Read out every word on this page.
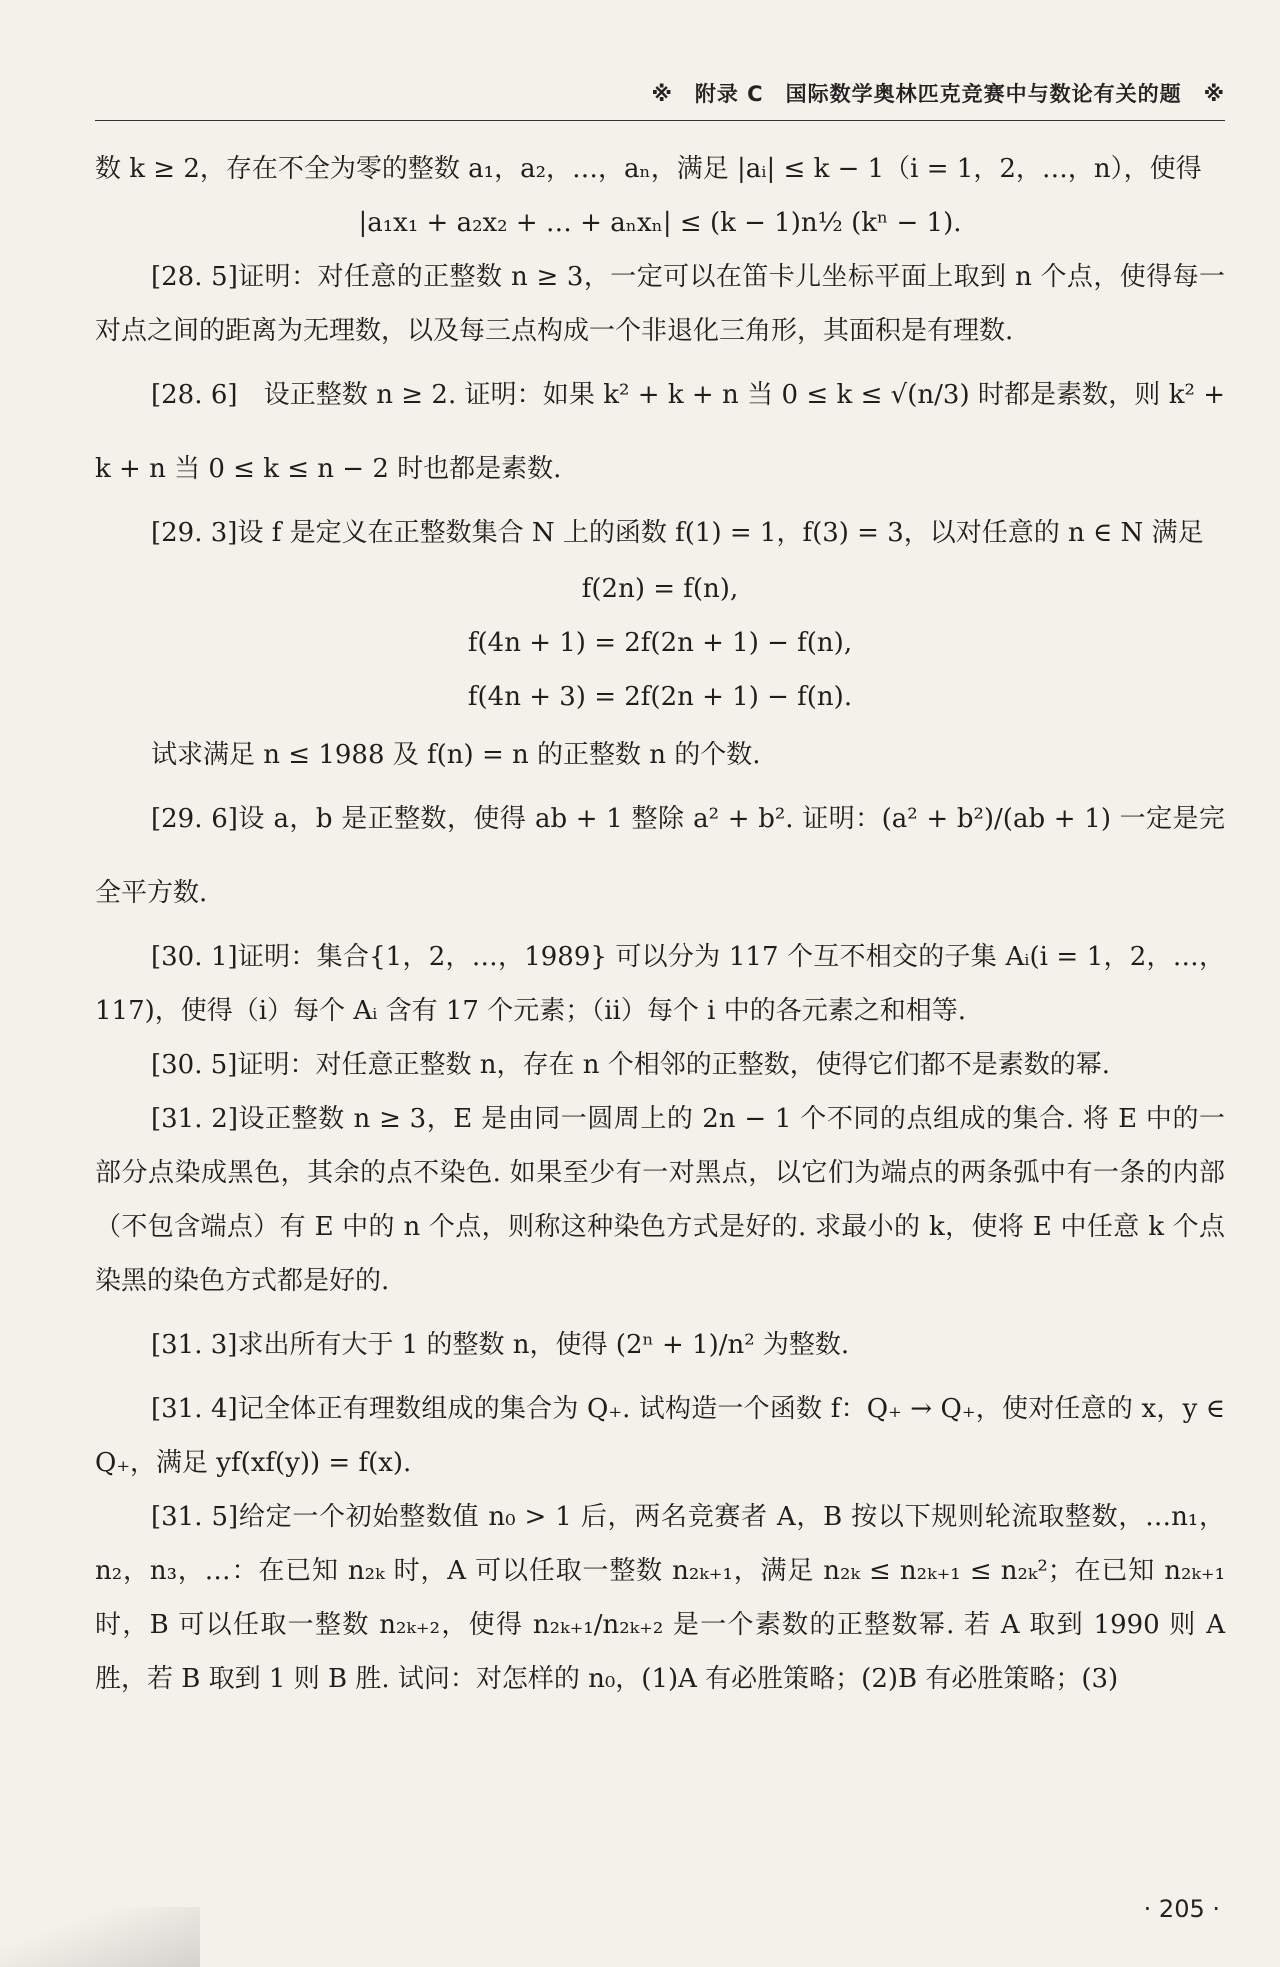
※　附录 C　国际数学奥林匹克竞赛中与数论有关的题　※

数 k ≥ 2，存在不全为零的整数 a₁，a₂，…，aₙ，满足 |aᵢ| ≤ k − 1（i = 1，2，…，n），使得

|a₁x₁ + a₂x₂ + … + aₙxₙ| ≤ (k − 1)n½ (kⁿ − 1).

[28. 5]证明：对任意的正整数 n ≥ 3，一定可以在笛卡儿坐标平面上取到 n 个点，使得每一对点之间的距离为无理数，以及每三点构成一个非退化三角形，其面积是有理数.

[28. 6]　设正整数 n ≥ 2. 证明：如果 k² + k + n 当 0 ≤ k ≤ √(n/3) 时都是素数，则 k² + k + n 当 0 ≤ k ≤ n − 2 时也都是素数.

[29. 3]设 f 是定义在正整数集合 N 上的函数 f(1) = 1，f(3) = 3，以对任意的 n ∈ N 满足

f(2n) = f(n),

f(4n + 1) = 2f(2n + 1) − f(n),

f(4n + 3) = 2f(2n + 1) − f(n).

试求满足 n ≤ 1988 及 f(n) = n 的正整数 n 的个数.

[29. 6]设 a，b 是正整数，使得 ab + 1 整除 a² + b². 证明：(a² + b²)/(ab + 1) 一定是完全平方数.

[30. 1]证明：集合{1，2，…，1989} 可以分为 117 个互不相交的子集 Aᵢ(i = 1，2，…，117)，使得（ⅰ）每个 Aᵢ 含有 17 个元素；（ⅱ）每个 i 中的各元素之和相等.

[30. 5]证明：对任意正整数 n，存在 n 个相邻的正整数，使得它们都不是素数的幂.

[31. 2]设正整数 n ≥ 3，E 是由同一圆周上的 2n − 1 个不同的点组成的集合. 将 E 中的一部分点染成黑色，其余的点不染色. 如果至少有一对黑点，以它们为端点的两条弧中有一条的内部（不包含端点）有 E 中的 n 个点，则称这种染色方式是好的. 求最小的 k，使将 E 中任意 k 个点染黑的染色方式都是好的.

[31. 3]求出所有大于 1 的整数 n，使得 (2ⁿ + 1)/n² 为整数.

[31. 4]记全体正有理数组成的集合为 Q₊. 试构造一个函数 f：Q₊ → Q₊，使对任意的 x，y ∈ Q₊，满足 yf(xf(y)) = f(x).

[31. 5]给定一个初始整数值 n₀ > 1 后，两名竞赛者 A，B 按以下规则轮流取整数，…n₁，n₂，n₃，…：在已知 n₂ₖ 时，A 可以任取一整数 n₂ₖ₊₁，满足 n₂ₖ ≤ n₂ₖ₊₁ ≤ n₂ₖ²；在已知 n₂ₖ₊₁ 时，B 可以任取一整数 n₂ₖ₊₂，使得 n₂ₖ₊₁/n₂ₖ₊₂ 是一个素数的正整数幂. 若 A 取到 1990 则 A 胜，若 B 取到 1 则 B 胜. 试问：对怎样的 n₀，(1)A 有必胜策略；(2)B 有必胜策略；(3)

· 205 ·
